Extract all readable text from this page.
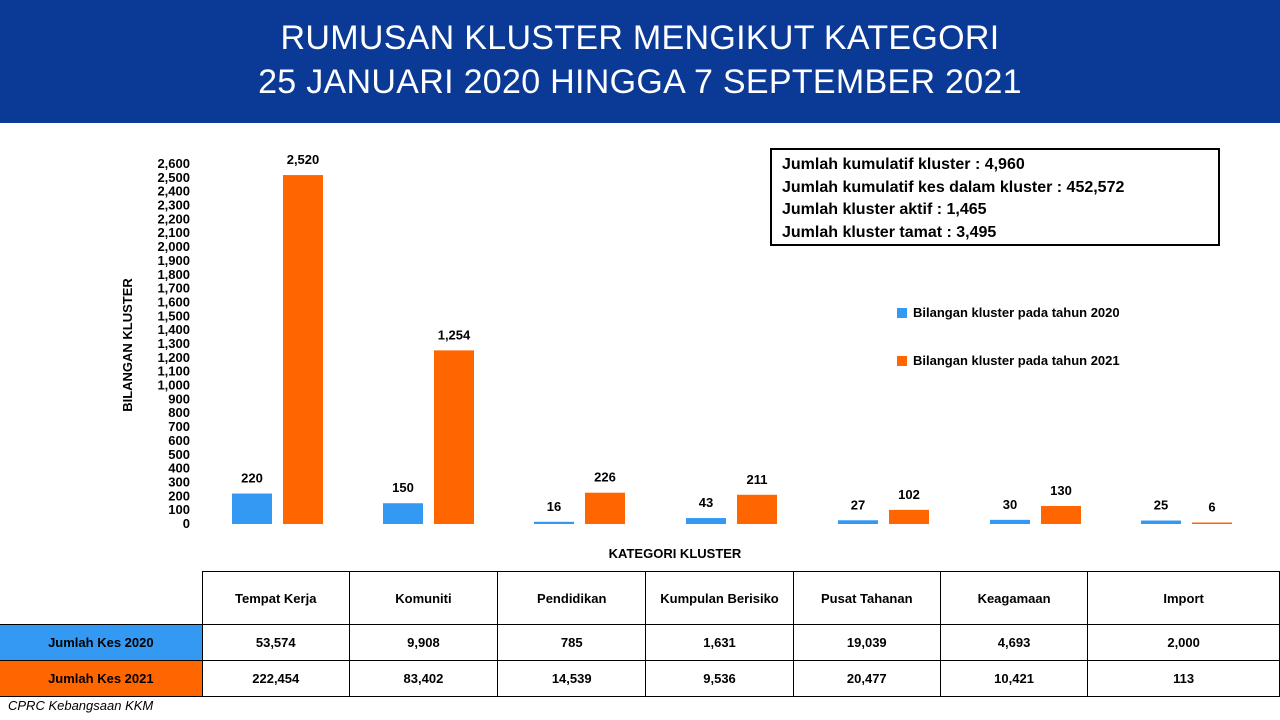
RUMUSAN KLUSTER MENGIKUT KATEGORI
25 JANUARI 2020 HINGGA 7 SEPTEMBER 2021
0
100
200
300
400
500
600
700
800
900
1,000
1,100
1,200
1,300
1,400
1,500
1,600
1,700
1,800
1,900
2,000
2,100
2,200
2,300
2,400
2,500
2,600
BILANGAN KLUSTER
KATEGORI KLUSTER
220
150
16	43	27	30	25
2,520
1,254
226	211
102	130
6
Jumlah kumulatif kluster : 4,960
Jumlah kumulatif kes dalam kluster : 452,572
Jumlah kluster aktif : 1,465
Jumlah kluster tamat : 3,495
Bilangan kluster pada tahun 2020
Bilangan kluster pada tahun 2021
	Tempat Kerja	Komuniti	Pendidikan	Kumpulan Berisiko	Pusat Tahanan	Keagamaan	Import
Jumlah Kes 2020	53,574	9,908	785	1,631	19,039	4,693	2,000
Jumlah Kes 2021	222,454	83,402	14,539	9,536	20,477	10,421	113
CPRC Kebangsaan KKM
